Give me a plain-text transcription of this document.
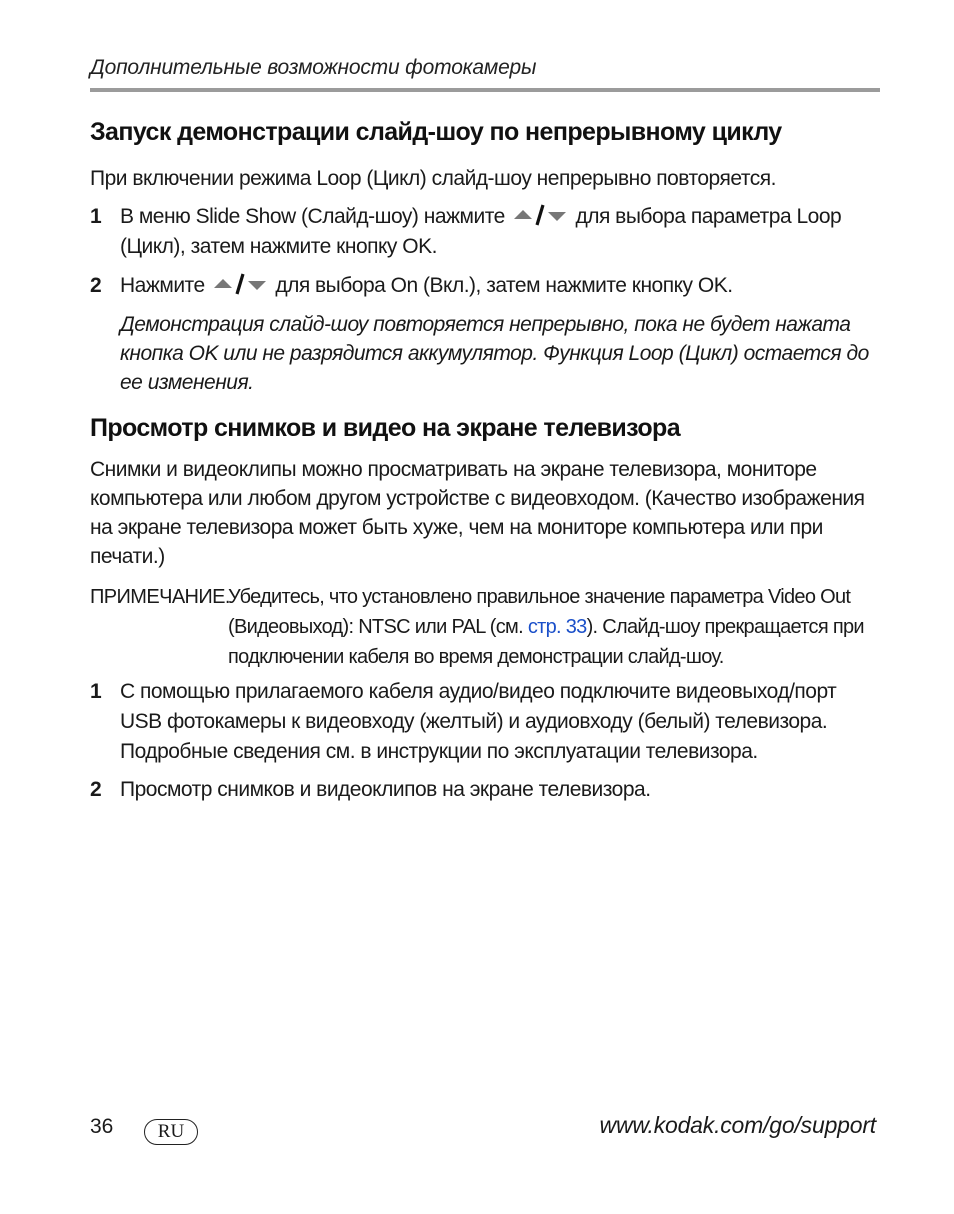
Дополнительные возможности фотокамеры
Запуск демонстрации слайд-шоу по непрерывному циклу
При включении режима Loop (Цикл) слайд-шоу непрерывно повторяется.
1 В меню Slide Show (Слайд-шоу) нажмите	для выбора параметра Loop (Цикл), затем нажмите кнопку OK.
2 Нажмите	для выбора On (Вкл.), затем нажмите кнопку OK.
Демонстрация слайд-шоу повторяется непрерывно, пока не будет нажата кнопка OK или не разрядится аккумулятор. Функция Loop (Цикл) остается до ее изменения.
Просмотр снимков и видео на экране телевизора
Снимки и видеоклипы можно просматривать на экране телевизора, мониторе компьютера или любом другом устройстве с видеовходом. (Качество изображения на экране телевизора может быть хуже, чем на мониторе компьютера или при печати.)
ПРИМЕЧАНИЕ.
Убедитесь, что установлено правильное значение параметра Video Out (Видеовыход): NTSC или PAL (см. стр. 33). Слайд-шоу прекращается при подключении кабеля во время демонстрации слайд-шоу.
1 С помощью прилагаемого кабеля аудио/видео подключите видеовыход/порт USB фотокамеры к видеовходу (желтый) и аудиовходу (белый) телевизора. Подробные сведения см. в инструкции по эксплуатации телевизора.
2 Просмотр снимков и видеоклипов на экране телевизора.
36	RU	www.kodak.com/go/support
